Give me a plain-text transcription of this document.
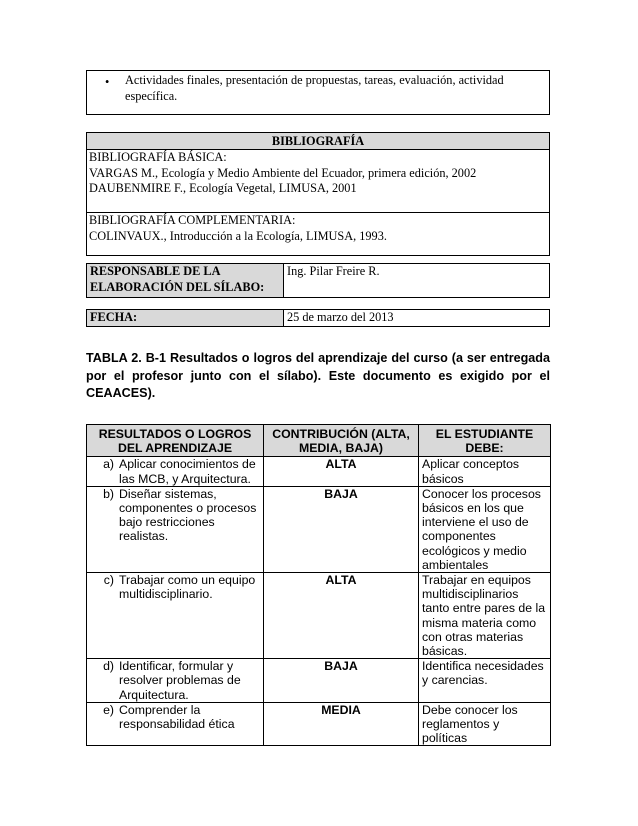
• Actividades finales, presentación de propuestas, tareas, evaluación, actividad específica.
BIBLIOGRAFÍA
BIBLIOGRAFÍA BÁSICA:
VARGAS M., Ecología y Medio Ambiente del Ecuador, primera edición, 2002
DAUBENMIRE F., Ecología Vegetal, LIMUSA, 2001
BIBLIOGRAFÍA COMPLEMENTARIA:
COLINVAUX., Introducción a la Ecología, LIMUSA, 1993.
RESPONSABLE DE LA ELABORACIÓN DEL SÍLABO:
Ing. Pilar Freire R.
FECHA:	25 de marzo del 2013
TABLA 2. B-1 Resultados o logros del aprendizaje del curso (a ser entregada por el profesor junto con el sílabo). Este documento es exigido por el CEAACES).
RESULTADOS O LOGROS DEL APRENDIZAJE	CONTRIBUCIÓN (ALTA, MEDIA, BAJA)	EL ESTUDIANTE DEBE:

a) Aplicar conocimientos de las MCB, y Arquitectura.	ALTA	Aplicar conceptos básicos

b) Diseñar sistemas, componentes o procesos bajo restricciones realistas.	BAJA	Conocer los procesos básicos en los que interviene el uso de componentes ecológicos y medio ambientales

c) Trabajar como un equipo multidisciplinario.	ALTA	Trabajar en equipos multidisciplinarios tanto entre pares de la misma materia como con otras materias básicas.

d) Identificar, formular y resolver problemas de Arquitectura.	BAJA	Identifica necesidades y carencias.

e) Comprender la responsabilidad ética	MEDIA	Debe conocer los reglamentos y políticas
